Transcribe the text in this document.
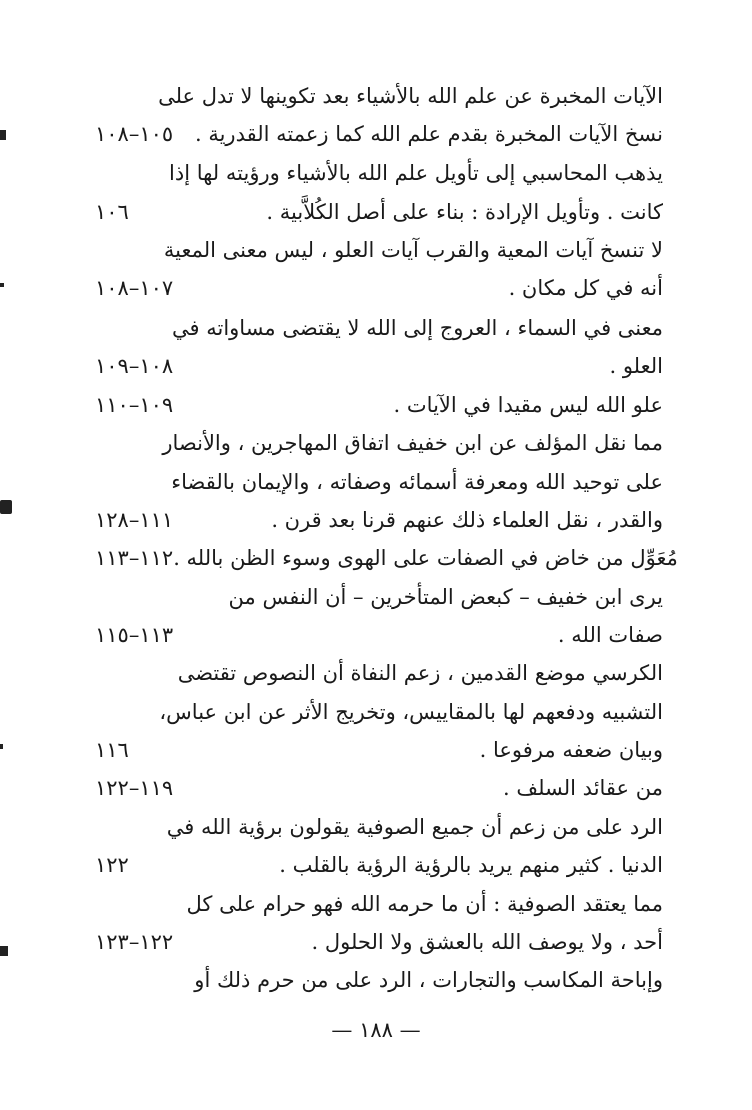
الآيات المخبرة عن علم الله بالأشياء بعد تكوينها لا تدل على
١٠٥–١٠٨	نسخ الآيات المخبرة بقدم علم الله كما زعمته القدرية .
يذهب المحاسبي إلى تأويل علم الله بالأشياء ورؤيته لها إذا
١٠٦	كانت . وتأويل الإرادة : بناء على أصل الكُلاَّبية .
لا تنسخ آيات المعية والقرب آيات العلو ، ليس معنى المعية
١٠٧–١٠٨	أنه في كل مكان .
معنى في السماء ، العروج إلى الله لا يقتضى مساواته في
١٠٨–١٠٩	العلو .
١٠٩–١١٠	علو الله ليس مقيدا في الآيات .
مما نقل المؤلف عن ابن خفيف اتفاق المهاجرين ، والأنصار
على توحيد الله ومعرفة أسمائه وصفاته ، والإيمان بالقضاء
١١١–١٢٨	والقدر ، نقل العلماء ذلك عنهم قرنا بعد قرن .
١١٢–١١٣ مُعَوِّل من خاض في الصفات على الهوى وسوء الظن بالله .
يرى ابن خفيف – كبعض المتأخرين – أن النفس من
١١٣–١١٥	صفات الله .
الكرسي موضع القدمين ، زعم النفاة أن النصوص تقتضى
التشبيه ودفعهم لها بالمقاييس، وتخريج الأثر عن ابن عباس،
١١٦	وبيان ضعفه مرفوعا .
١١٩–١٢٢	من عقائد السلف .
الرد على من زعم أن جميع الصوفية يقولون برؤية الله في
١٢٢	الدنيا . كثير منهم يريد بالرؤية الرؤية بالقلب .
مما يعتقد الصوفية : أن ما حرمه الله فهو حرام على كل
١٢٢–١٢٣	أحد ، ولا يوصف الله بالعشق ولا الحلول .
وإباحة المكاسب والتجارات ، الرد على من حرم ذلك أو
— ١٨٨ —
